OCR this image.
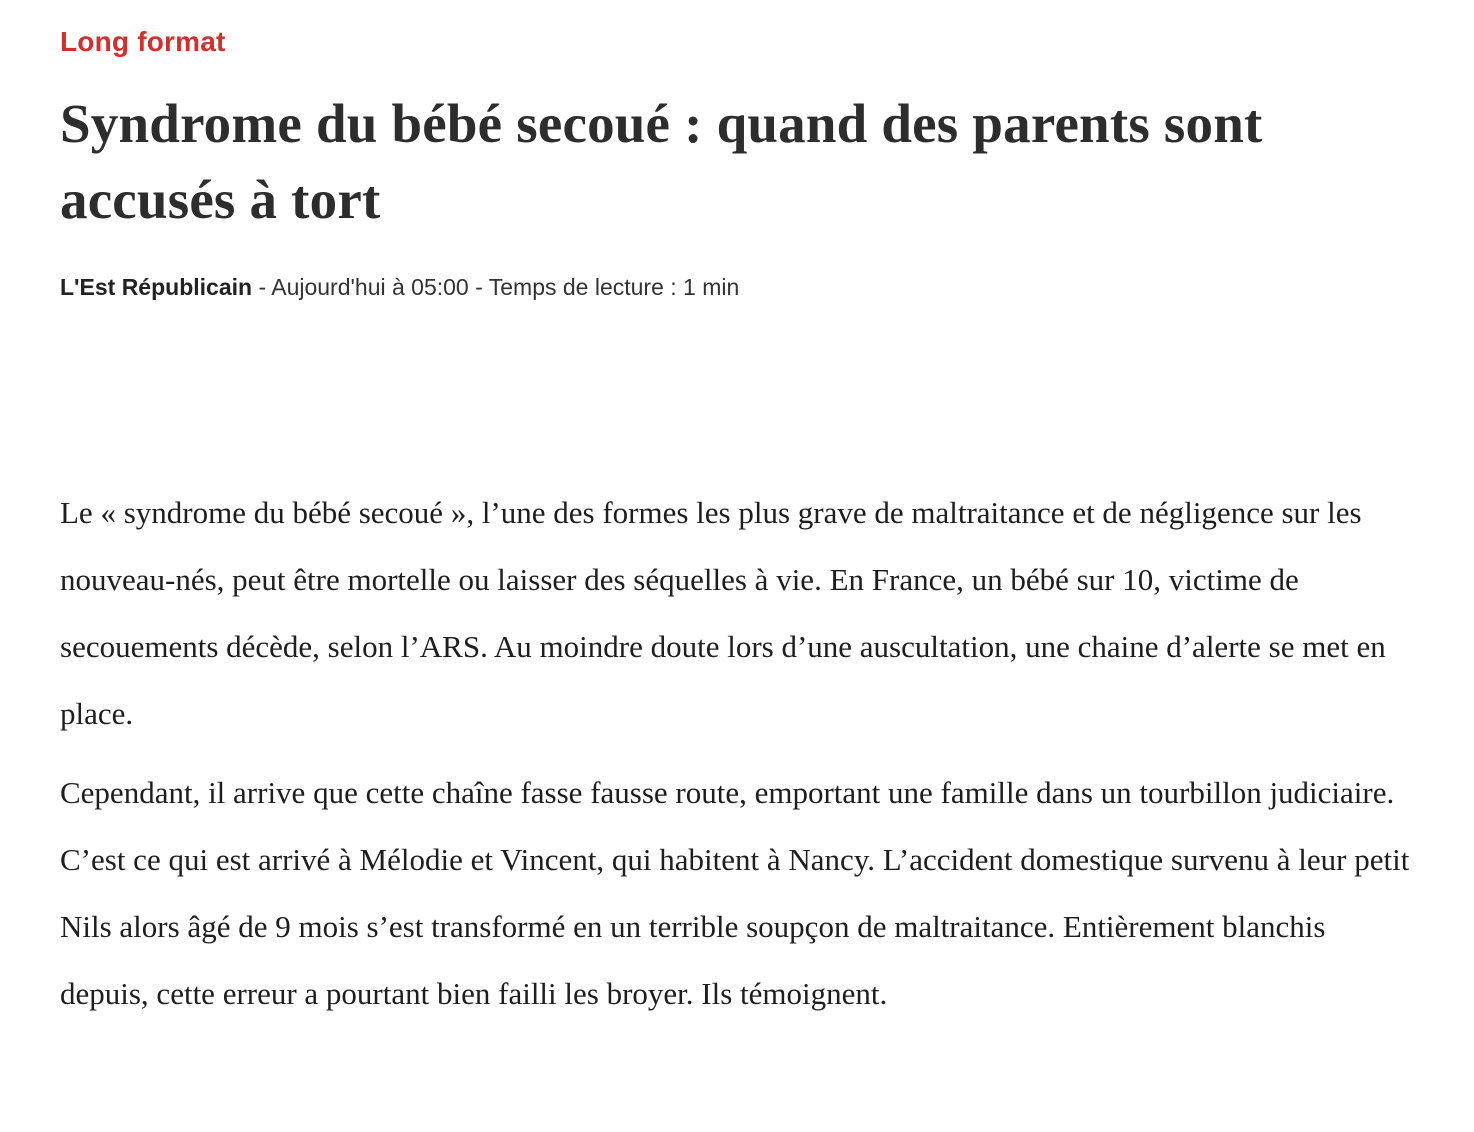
Long format
Syndrome du bébé secoué : quand des parents sont accusés à tort
L'Est Républicain - Aujourd'hui à 05:00 - Temps de lecture : 1 min

Le « syndrome du bébé secoué », l’une des formes les plus grave de maltraitance et de négligence sur les nouveau-nés, peut être mortelle ou laisser des séquelles à vie. En France, un bébé sur 10, victime de secouements décède, selon l’ARS. Au moindre doute lors d’une auscultation, une chaine d’alerte se met en place.

Cependant, il arrive que cette chaîne fasse fausse route, emportant une famille dans un tourbillon judiciaire. C’est ce qui est arrivé à Mélodie et Vincent, qui habitent à Nancy. L’accident domestique survenu à leur petit Nils alors âgé de 9 mois s’est transformé en un terrible soupçon de maltraitance. Entièrement blanchis depuis, cette erreur a pourtant bien failli les broyer. Ils témoignent.
